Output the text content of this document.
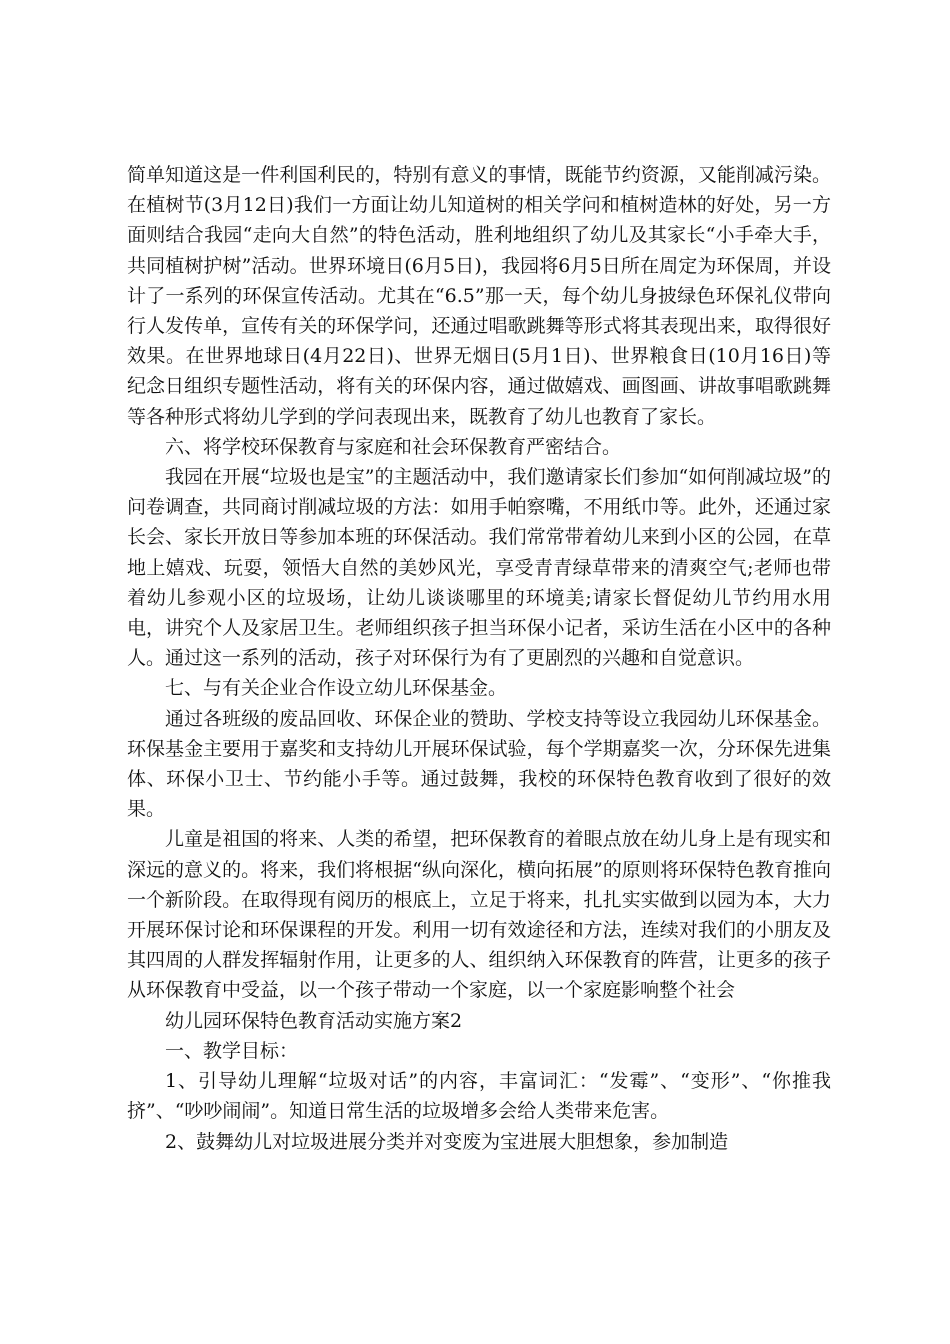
简单知道这是一件利国利民的，特别有意义的事情，既能节约资源，又能削减污染。在植树节(3月12日)我们一方面让幼儿知道树的相关学问和植树造林的好处，另一方面则结合我园“走向大自然”的特色活动，胜利地组织了幼儿及其家长“小手牵大手，共同植树护树”活动。世界环境日(6月5日)，我园将6月5日所在周定为环保周，并设计了一系列的环保宣传活动。尤其在“6.5”那一天，每个幼儿身披绿色环保礼仪带向行人发传单，宣传有关的环保学问，还通过唱歌跳舞等形式将其表现出来，取得很好效果。在世界地球日(4月22日)、世界无烟日(5月1日)、世界粮食日(10月16日)等纪念日组织专题性活动，将有关的环保内容，通过做嬉戏、画图画、讲故事唱歌跳舞等各种形式将幼儿学到的学问表现出来，既教育了幼儿也教育了家长。

六、将学校环保教育与家庭和社会环保教育严密结合。

我园在开展“垃圾也是宝”的主题活动中，我们邀请家长们参加“如何削减垃圾”的问卷调查，共同商讨削减垃圾的方法：如用手帕察嘴，不用纸巾等。此外，还通过家长会、家长开放日等参加本班的环保活动。我们常常带着幼儿来到小区的公园，在草地上嬉戏、玩耍，领悟大自然的美妙风光，享受青青绿草带来的清爽空气;老师也带着幼儿参观小区的垃圾场，让幼儿谈谈哪里的环境美;请家长督促幼儿节约用水用电，讲究个人及家居卫生。老师组织孩子担当环保小记者，采访生活在小区中的各种人。通过这一系列的活动，孩子对环保行为有了更剧烈的兴趣和自觉意识。

七、与有关企业合作设立幼儿环保基金。

通过各班级的废品回收、环保企业的赞助、学校支持等设立我园幼儿环保基金。环保基金主要用于嘉奖和支持幼儿开展环保试验，每个学期嘉奖一次，分环保先进集体、环保小卫士、节约能小手等。通过鼓舞，我校的环保特色教育收到了很好的效果。

儿童是祖国的将来、人类的希望，把环保教育的着眼点放在幼儿身上是有现实和深远的意义的。将来，我们将根据“纵向深化，横向拓展”的原则将环保特色教育推向一个新阶段。在取得现有阅历的根底上，立足于将来，扎扎实实做到以园为本，大力开展环保讨论和环保课程的开发。利用一切有效途径和方法，连续对我们的小朋友及其四周的人群发挥辐射作用，让更多的人、组织纳入环保教育的阵营，让更多的孩子从环保教育中受益，以一个孩子带动一个家庭，以一个家庭影响整个社会

幼儿园环保特色教育活动实施方案2

一、教学目标：

1、引导幼儿理解“垃圾对话”的内容，丰富词汇：“发霉”、“变形”、“你推我挤”、“吵吵闹闹”。知道日常生活的垃圾增多会给人类带来危害。

2、鼓舞幼儿对垃圾进展分类并对变废为宝进展大胆想象，参加制造
